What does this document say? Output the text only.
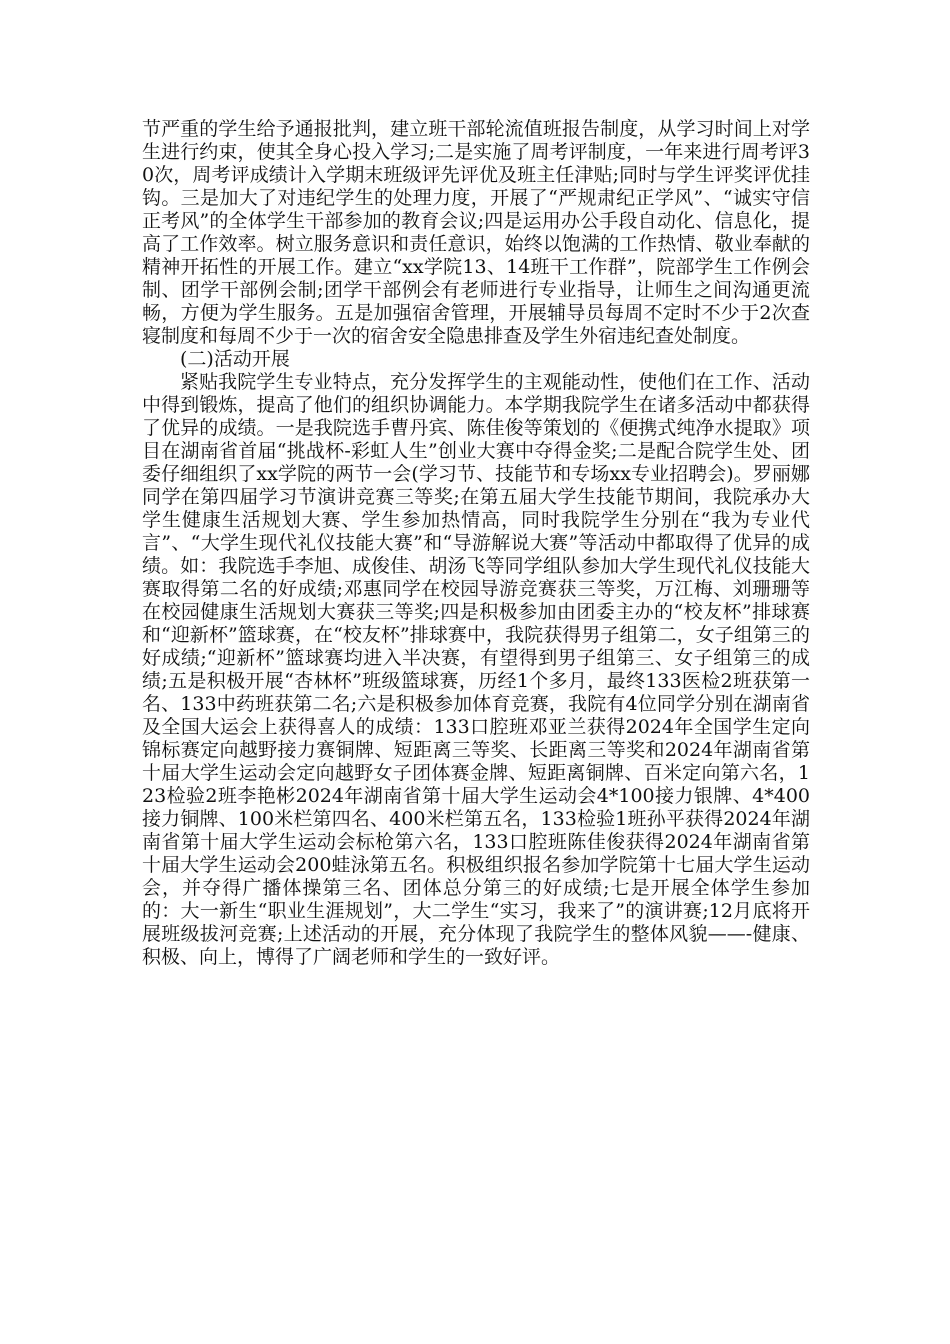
节严重的学生给予通报批判，建立班干部轮流值班报告制度，从学习时间上对学生进行约束，使其全身心投入学习;二是实施了周考评制度，一年来进行周考评30次，周考评成绩计入学期末班级评先评优及班主任津贴;同时与学生评奖评优挂钩。三是加大了对违纪学生的处理力度，开展了“严规肃纪正学风”、“诚实守信正考风”的全体学生干部参加的教育会议;四是运用办公手段自动化、信息化，提高了工作效率。树立服务意识和责任意识，始终以饱满的工作热情、敬业奉献的精神开拓性的开展工作。建立“xx学院13、14班干工作群”，院部学生工作例会制、团学干部例会制;团学干部例会有老师进行专业指导，让师生之间沟通更流畅，方便为学生服务。五是加强宿舍管理，开展辅导员每周不定时不少于2次查寝制度和每周不少于一次的宿舍安全隐患排查及学生外宿违纪查处制度。

(二)活动开展

紧贴我院学生专业特点，充分发挥学生的主观能动性，使他们在工作、活动中得到锻炼，提高了他们的组织协调能力。本学期我院学生在诸多活动中都获得了优异的成绩。一是我院选手曹丹宾、陈佳俊等策划的《便携式纯净水提取》项目在湖南省首届“挑战杯-彩虹人生”创业大赛中夺得金奖;二是配合院学生处、团委仔细组织了xx学院的两节一会(学习节、技能节和专场xx专业招聘会)。罗丽娜同学在第四届学习节演讲竞赛三等奖;在第五届大学生技能节期间，我院承办大学生健康生活规划大赛、学生参加热情高，同时我院学生分别在“我为专业代言”、“大学生现代礼仪技能大赛”和“导游解说大赛”等活动中都取得了优异的成绩。如：我院选手李旭、成俊佳、胡汤飞等同学组队参加大学生现代礼仪技能大赛取得第二名的好成绩;邓惠同学在校园导游竞赛获三等奖，万江梅、刘珊珊等在校园健康生活规划大赛获三等奖;四是积极参加由团委主办的“校友杯”排球赛和“迎新杯”篮球赛，在“校友杯”排球赛中，我院获得男子组第二，女子组第三的好成绩;“迎新杯”篮球赛均进入半决赛，有望得到男子组第三、女子组第三的成绩;五是积极开展“杏林杯”班级篮球赛，历经1个多月，最终133医检2班获第一名、133中药班获第二名;六是积极参加体育竞赛，我院有4位同学分别在湖南省及全国大运会上获得喜人的成绩：133口腔班邓亚兰获得2024年全国学生定向锦标赛定向越野接力赛铜牌、短距离三等奖、长距离三等奖和2024年湖南省第十届大学生运动会定向越野女子团体赛金牌、短距离铜牌、百米定向第六名，123检验2班李艳彬2024年湖南省第十届大学生运动会4*100接力银牌、4*400接力铜牌、100米栏第四名、400米栏第五名，133检验1班孙平获得2024年湖南省第十届大学生运动会标枪第六名，133口腔班陈佳俊获得2024年湖南省第十届大学生运动会200蛙泳第五名。积极组织报名参加学院第十七届大学生运动会，并夺得广播体操第三名、团体总分第三的好成绩;七是开展全体学生参加的：大一新生“职业生涯规划”，大二学生“实习，我来了”的演讲赛;12月底将开展班级拔河竞赛;上述活动的开展，充分体现了我院学生的整体风貌——-健康、积极、向上，博得了广阔老师和学生的一致好评。
